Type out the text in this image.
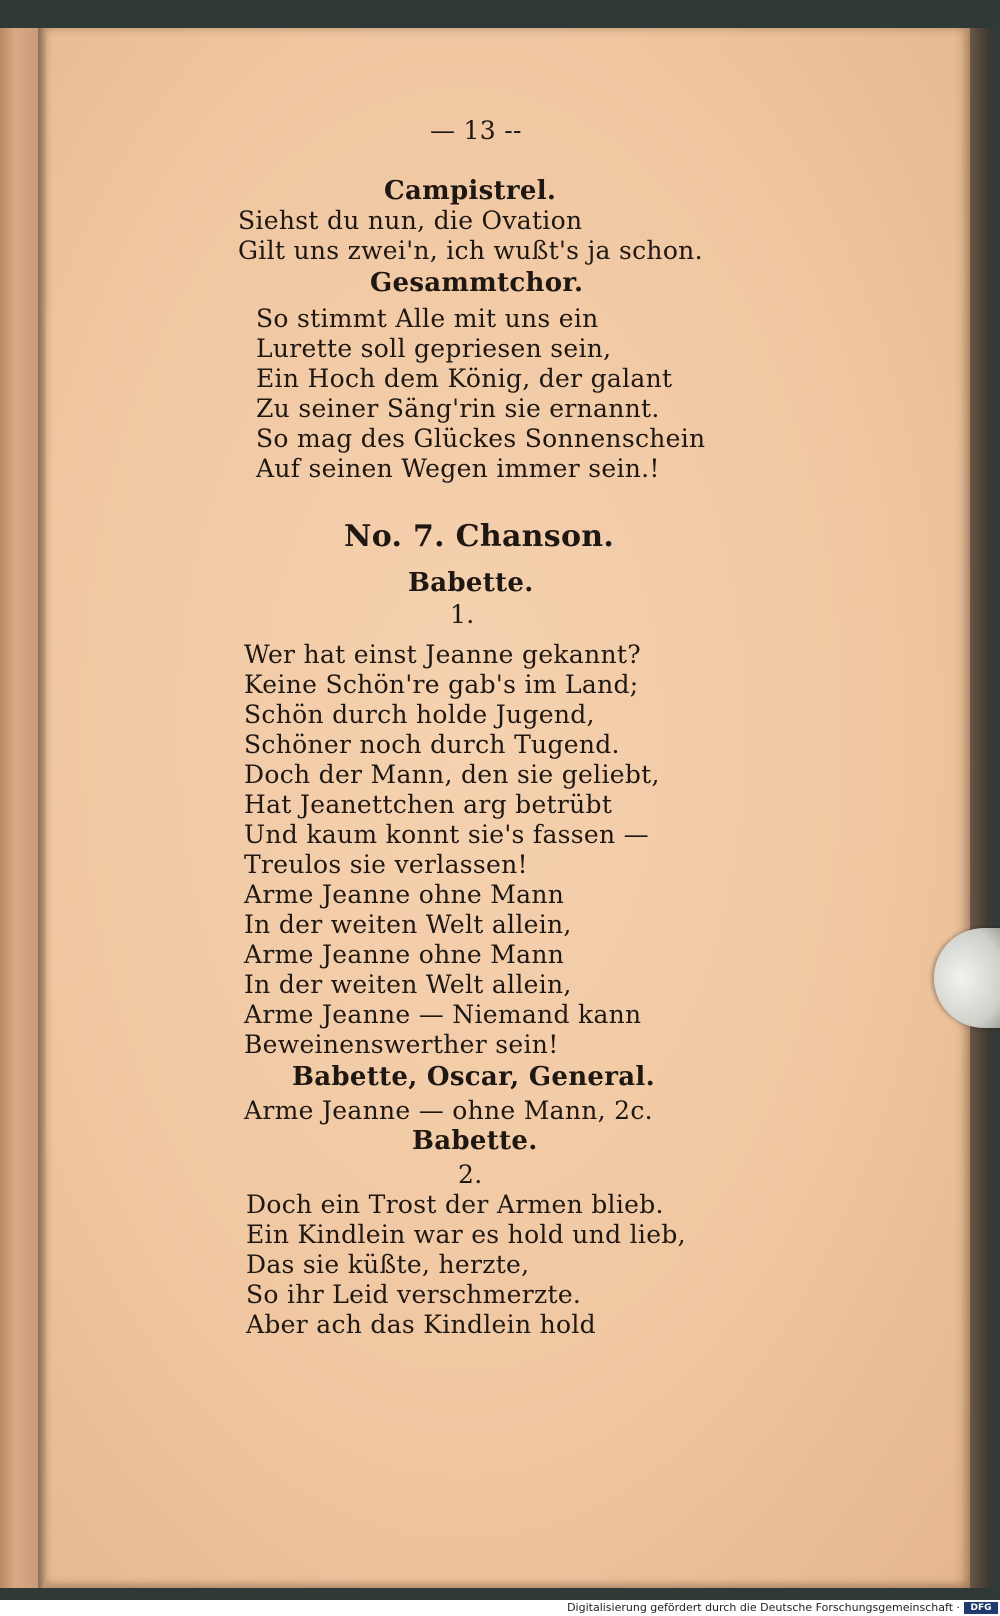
— 13 --
Campistrel.
Siehst du nun, die Ovation
Gilt uns zwei'n, ich wußt's ja schon.
Gesammtchor.
So stimmt Alle mit uns ein
Lurette soll gepriesen sein,
Ein Hoch dem König, der galant
Zu seiner Säng'rin sie ernannt.
So mag des Glückes Sonnenschein
Auf seinen Wegen immer sein.!
No. 7. Chanson.
Babette.
1.
Wer hat einst Jeanne gekannt?
Keine Schön're gab's im Land;
Schön durch holde Jugend,
Schöner noch durch Tugend.
Doch der Mann, den sie geliebt,
Hat Jeanettchen arg betrübt
Und kaum konnt sie's fassen —
Treulos sie verlassen!
Arme Jeanne ohne Mann
In der weiten Welt allein,
Arme Jeanne ohne Mann
In der weiten Welt allein,
Arme Jeanne — Niemand kann
Beweinenswerther sein!
Babette, Oscar, General.
Arme Jeanne — ohne Mann, 2c.
Babette.
2.
Doch ein Trost der Armen blieb.
Ein Kindlein war es hold und lieb,
Das sie küßte, herzte,
So ihr Leid verschmerzte.
Aber ach das Kindlein hold
Digitalisierung gefördert durch die Deutsche Forschungsgemeinschaft ·	DFG
